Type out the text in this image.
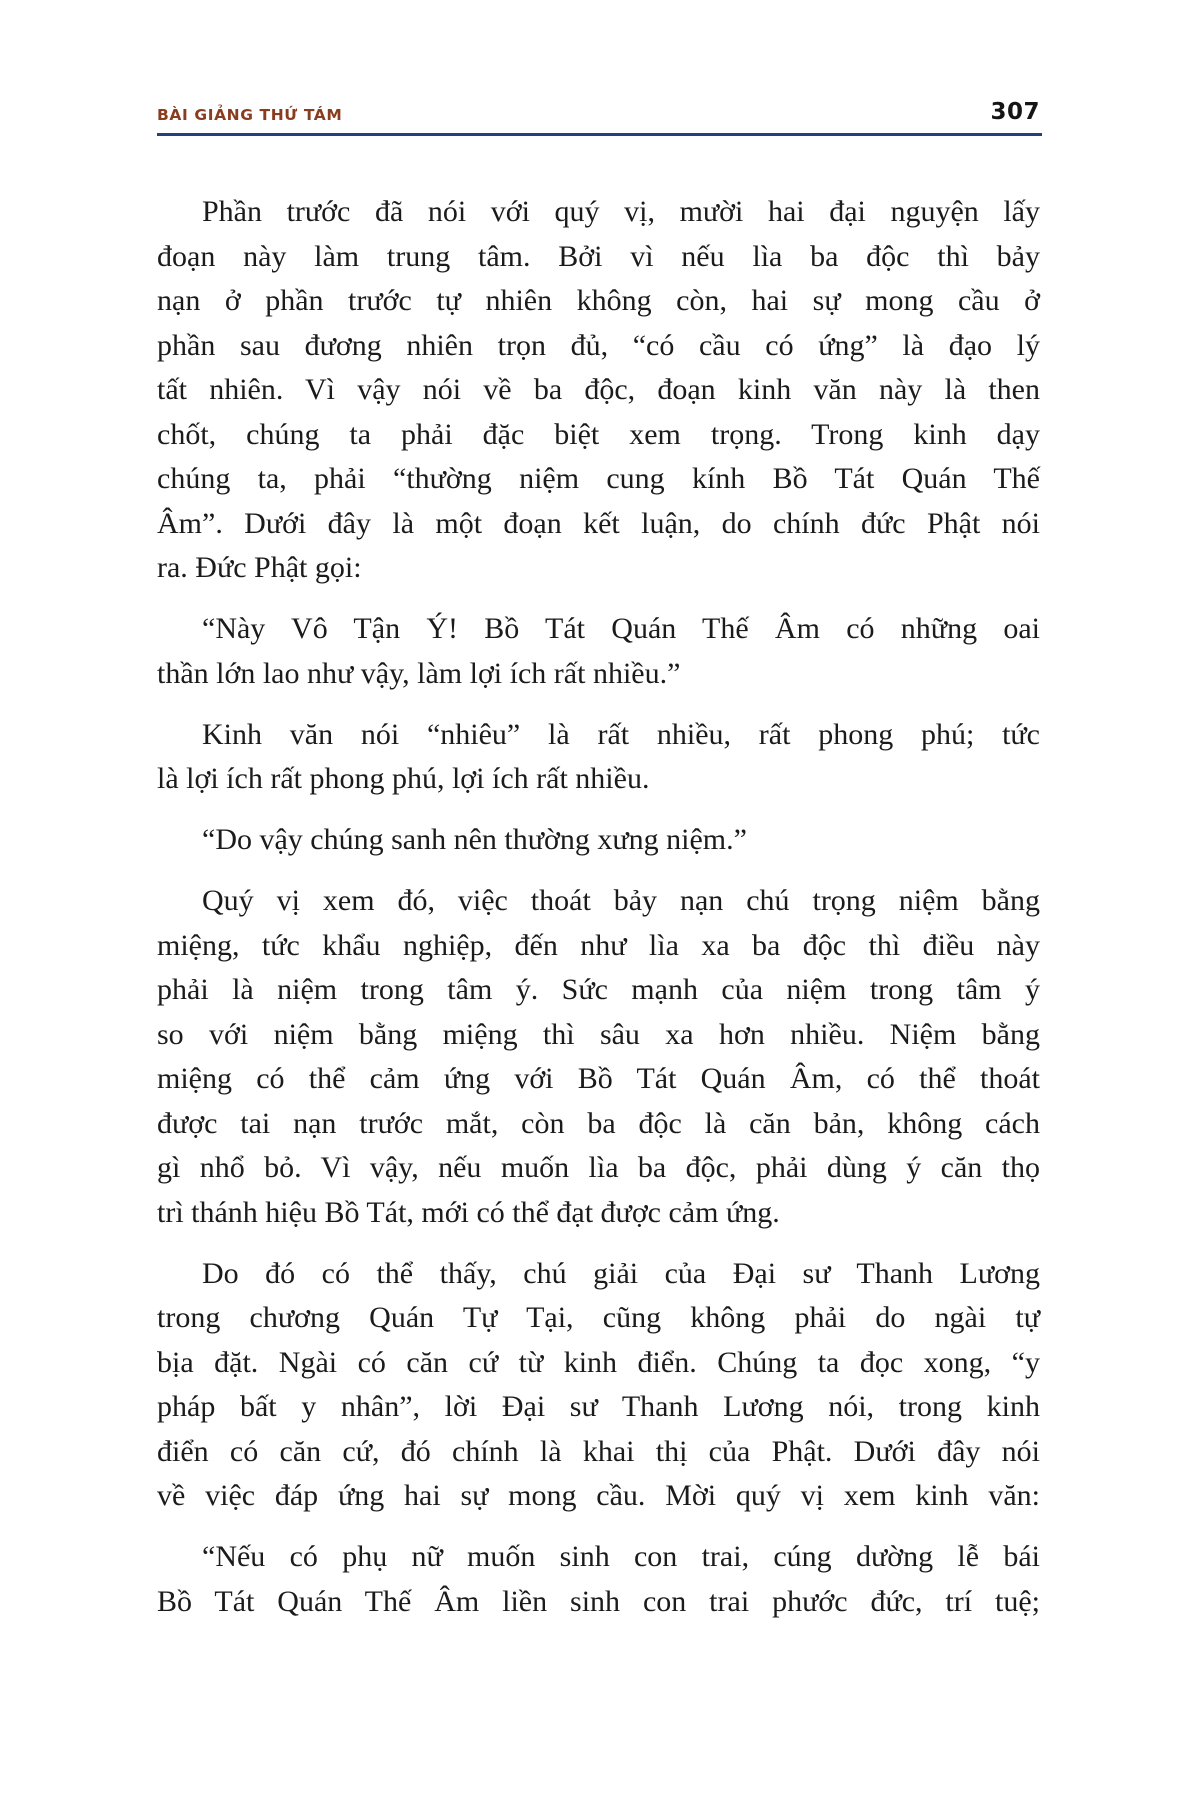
BÀI GIẢNG THỨ TÁM	307

Phần trước đã nói với quý vị, mười hai đại nguyện lấy
đoạn này làm trung tâm. Bởi vì nếu lìa ba độc thì bảy
nạn ở phần trước tự nhiên không còn, hai sự mong cầu ở
phần sau đương nhiên trọn đủ, “có cầu có ứng” là đạo lý
tất nhiên. Vì vậy nói về ba độc, đoạn kinh văn này là then
chốt, chúng ta phải đặc biệt xem trọng. Trong kinh dạy
chúng ta, phải “thường niệm cung kính Bồ Tát Quán Thế
Âm”. Dưới đây là một đoạn kết luận, do chính đức Phật nói
ra. Đức Phật gọi:

“Này Vô Tận Ý! Bồ Tát Quán Thế Âm có những oai
thần lớn lao như vậy, làm lợi ích rất nhiều.”

Kinh văn nói “nhiêu” là rất nhiều, rất phong phú; tức
là lợi ích rất phong phú, lợi ích rất nhiều.

“Do vậy chúng sanh nên thường xưng niệm.”

Quý vị xem đó, việc thoát bảy nạn chú trọng niệm bằng
miệng, tức khẩu nghiệp, đến như lìa xa ba độc thì điều này
phải là niệm trong tâm ý. Sức mạnh của niệm trong tâm ý
so với niệm bằng miệng thì sâu xa hơn nhiều. Niệm bằng
miệng có thể cảm ứng với Bồ Tát Quán Âm, có thể thoát
được tai nạn trước mắt, còn ba độc là căn bản, không cách
gì nhổ bỏ. Vì vậy, nếu muốn lìa ba độc, phải dùng ý căn thọ
trì thánh hiệu Bồ Tát, mới có thể đạt được cảm ứng.

Do đó có thể thấy, chú giải của Đại sư Thanh Lương
trong chương Quán Tự Tại, cũng không phải do ngài tự
bịa đặt. Ngài có căn cứ từ kinh điển. Chúng ta đọc xong, “y
pháp bất y nhân”, lời Đại sư Thanh Lương nói, trong kinh
điển có căn cứ, đó chính là khai thị của Phật. Dưới đây nói
về việc đáp ứng hai sự mong cầu. Mời quý vị xem kinh văn:

“Nếu có phụ nữ muốn sinh con trai, cúng dường lễ bái
Bồ Tát Quán Thế Âm liền sinh con trai phước đức, trí tuệ;
